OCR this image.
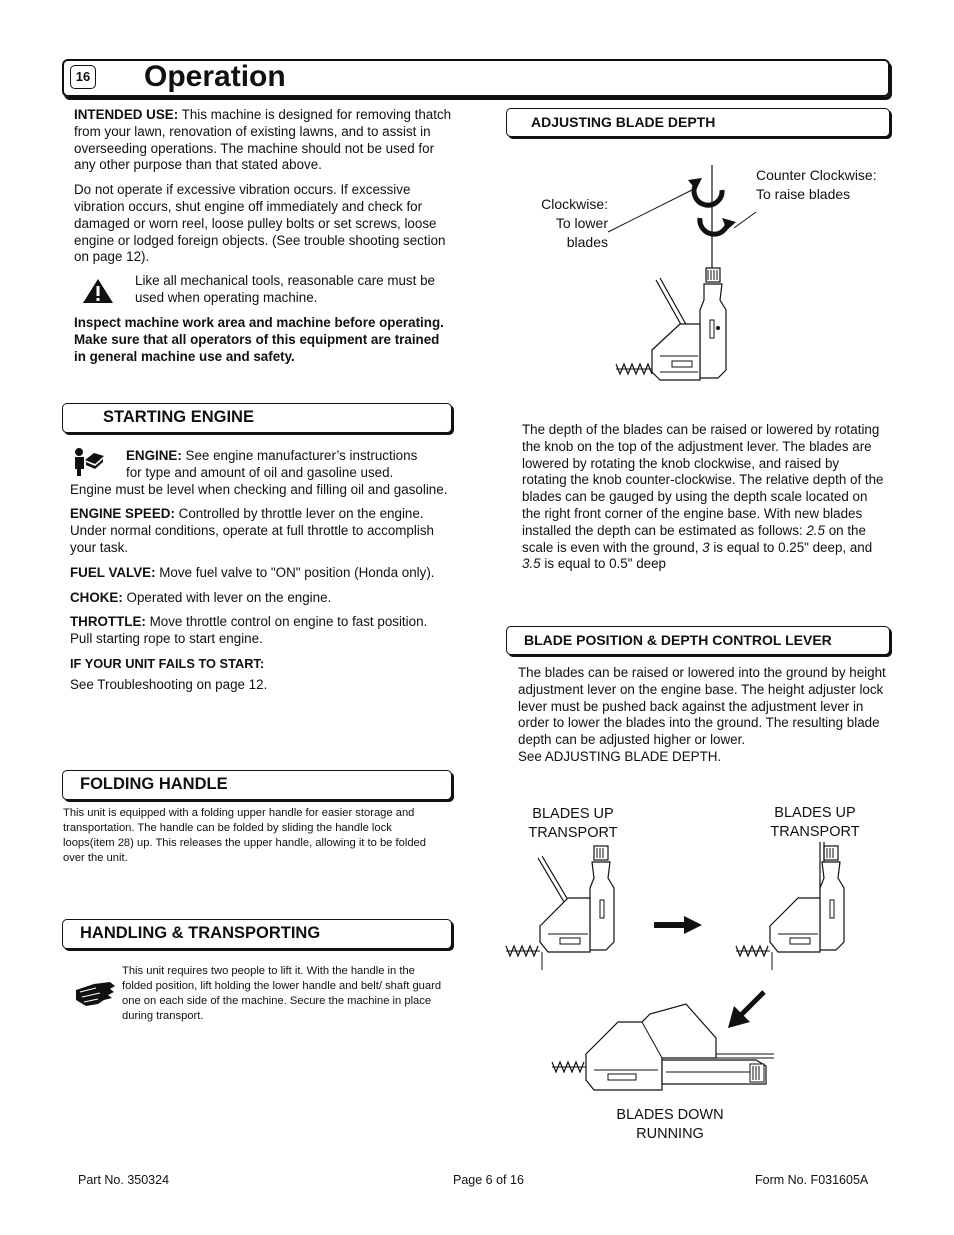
16 Operation

INTENDED USE: This machine is designed for removing thatch from your lawn, renovation of existing lawns, and to assist in overseeding operations. The machine should not be used for any other purpose than that stated above.

Do not operate if excessive vibration occurs. If excessive vibration occurs, shut engine off immediately and check for damaged or worn reel, loose pulley bolts or set screws, loose engine or lodged foreign objects. (See trouble shooting section on page 12).

Like all mechanical tools, reasonable care must be used when operating machine.
Inspect machine work area and machine before operating. Make sure that all operators of this equipment are trained in general machine use and safety.
STARTING ENGINE
ENGINE: See engine manufacturer’s instructions
for type and amount of oil and gasoline used.

Engine must be level when checking and filling oil and gasoline.

ENGINE SPEED: Controlled by throttle lever on the engine. Under normal conditions, operate at full throttle to accomplish your task.

FUEL VALVE: Move fuel valve to "ON" position (Honda only).

CHOKE: Operated with lever on the engine.

THROTTLE: Move throttle control on engine to fast position. Pull starting rope to start engine.

IF YOUR UNIT FAILS TO START:
See Troubleshooting on page 12.
FOLDING HANDLE
This unit is equipped with a folding upper handle for easier storage and transportation. The handle can be folded by sliding the handle lock loops(item 28) up. This releases the upper handle, allowing it to be folded over the unit.
HANDLING & TRANSPORTING
This unit requires two people to lift it. With the handle in the folded position, lift holding the lower handle and belt/ shaft guard one on each side of the machine. Secure the machine in place during transport.
ADJUSTING BLADE DEPTH
Clockwise:
To lower
blades
Counter Clockwise:
To raise blades
The depth of the blades can be raised or lowered by rotating the knob on the top of the adjustment lever. The blades are lowered by rotating the knob clockwise, and raised by rotating the knob counter-clockwise. The relative depth of the blades can be gauged by using the depth scale located on the right front corner of the engine base. With new blades installed the depth can be estimated as follows: 2.5 on the scale is even with the ground, 3 is equal to 0.25" deep, and 3.5 is equal to 0.5" deep
BLADE POSITION & DEPTH CONTROL LEVER
The blades can be raised or lowered into the ground by height adjustment lever on the engine base. The height adjuster lock lever must be pushed back against the adjustment lever in order to lower the blades into the ground. The resulting blade depth can be adjusted higher or lower.
See ADJUSTING BLADE DEPTH.
BLADES UP
TRANSPORT
BLADES UP
TRANSPORT
BLADES DOWN
RUNNING
Part No. 350324	Page 6 of 16	Form No. F031605A
